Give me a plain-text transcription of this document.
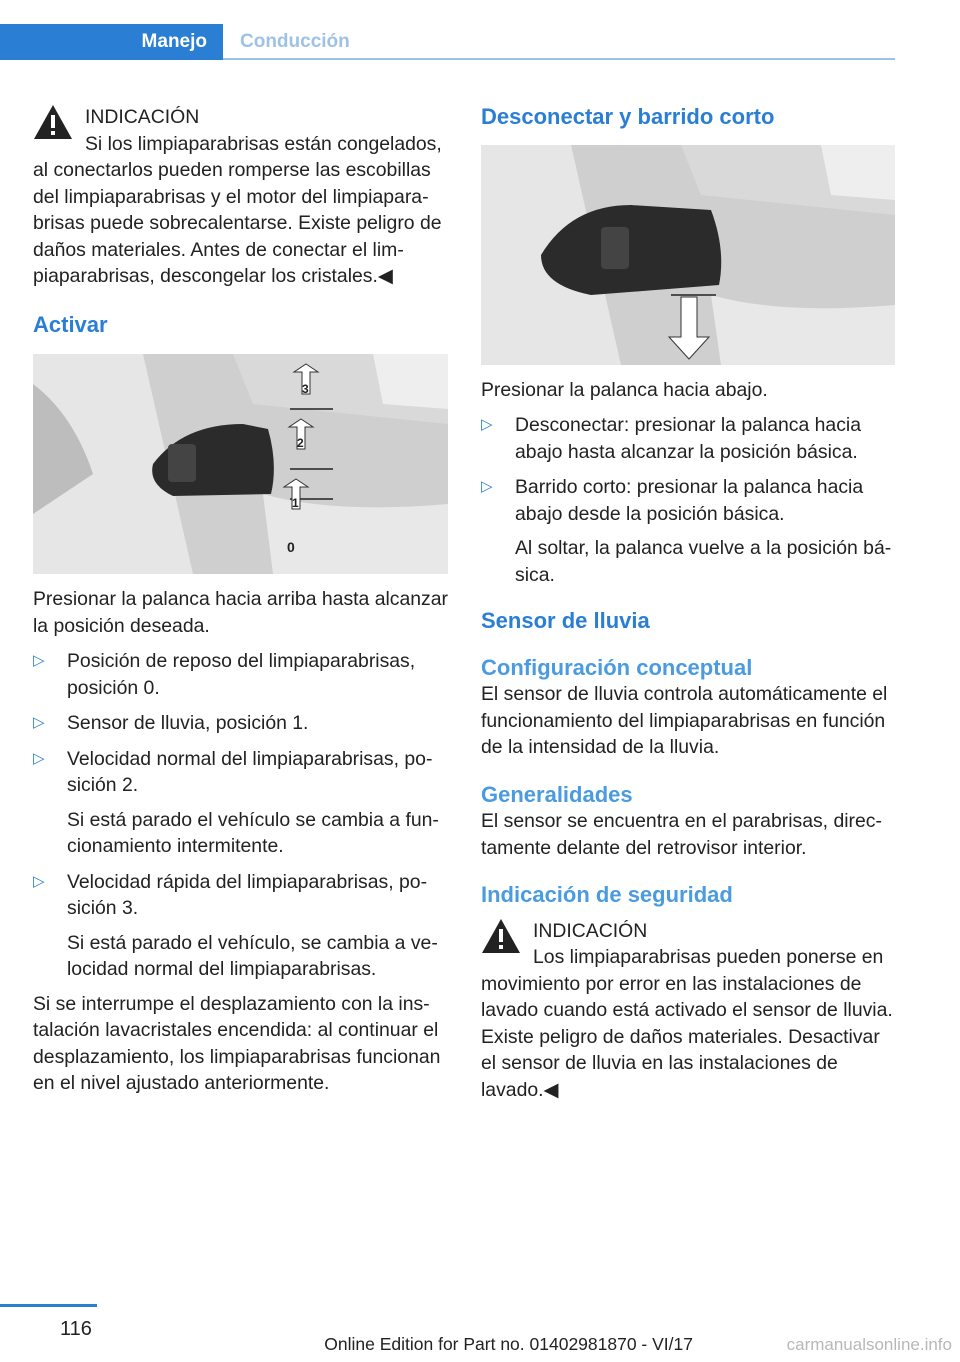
Manejo Conducción

INDICACIÓN

Si los limpiaparabrisas están congelados,

al conectarlos pueden romperse las escobillas del limpiaparabrisas y el motor del limpiaparabrisas puede sobrecalentarse. Existe peligro de daños materiales. Antes de conectar el limpiaparabrisas, descongelar los cristales.◀

Activar

3
2
1
0

Presionar la palanca hacia arriba hasta alcanzar la posición deseada.

▷ Posición de reposo del limpiaparabrisas, posición 0.

▷ Sensor de lluvia, posición 1.

▷ Velocidad normal del limpiaparabrisas, posición 2.

Si está parado el vehículo se cambia a funcionamiento intermitente.

▷ Velocidad rápida del limpiaparabrisas, posición 3.

Si está parado el vehículo, se cambia a velocidad normal del limpiaparabrisas.

Si se interrumpe el desplazamiento con la instalación lavacristales encendida: al continuar el desplazamiento, los limpiaparabrisas funcionan en el nivel ajustado anteriormente.

Desconectar y barrido corto

Presionar la palanca hacia abajo.

▷ Desconectar: presionar la palanca hacia abajo hasta alcanzar la posición básica.

▷ Barrido corto: presionar la palanca hacia abajo desde la posición básica.

Al soltar, la palanca vuelve a la posición básica.

Sensor de lluvia

Configuración conceptual

El sensor de lluvia controla automáticamente el funcionamiento del limpiaparabrisas en función de la intensidad de la lluvia.

Generalidades

El sensor se encuentra en el parabrisas, directamente delante del retrovisor interior.

Indicación de seguridad

INDICACIÓN

Los limpiaparabrisas pueden ponerse en

movimiento por error en las instalaciones de lavado cuando está activado el sensor de lluvia. Existe peligro de daños materiales. Desactivar el sensor de lluvia en las instalaciones de lavado.◀

116
Online Edition for Part no. 01402981870 - VI/17	carmanualsonline.info
